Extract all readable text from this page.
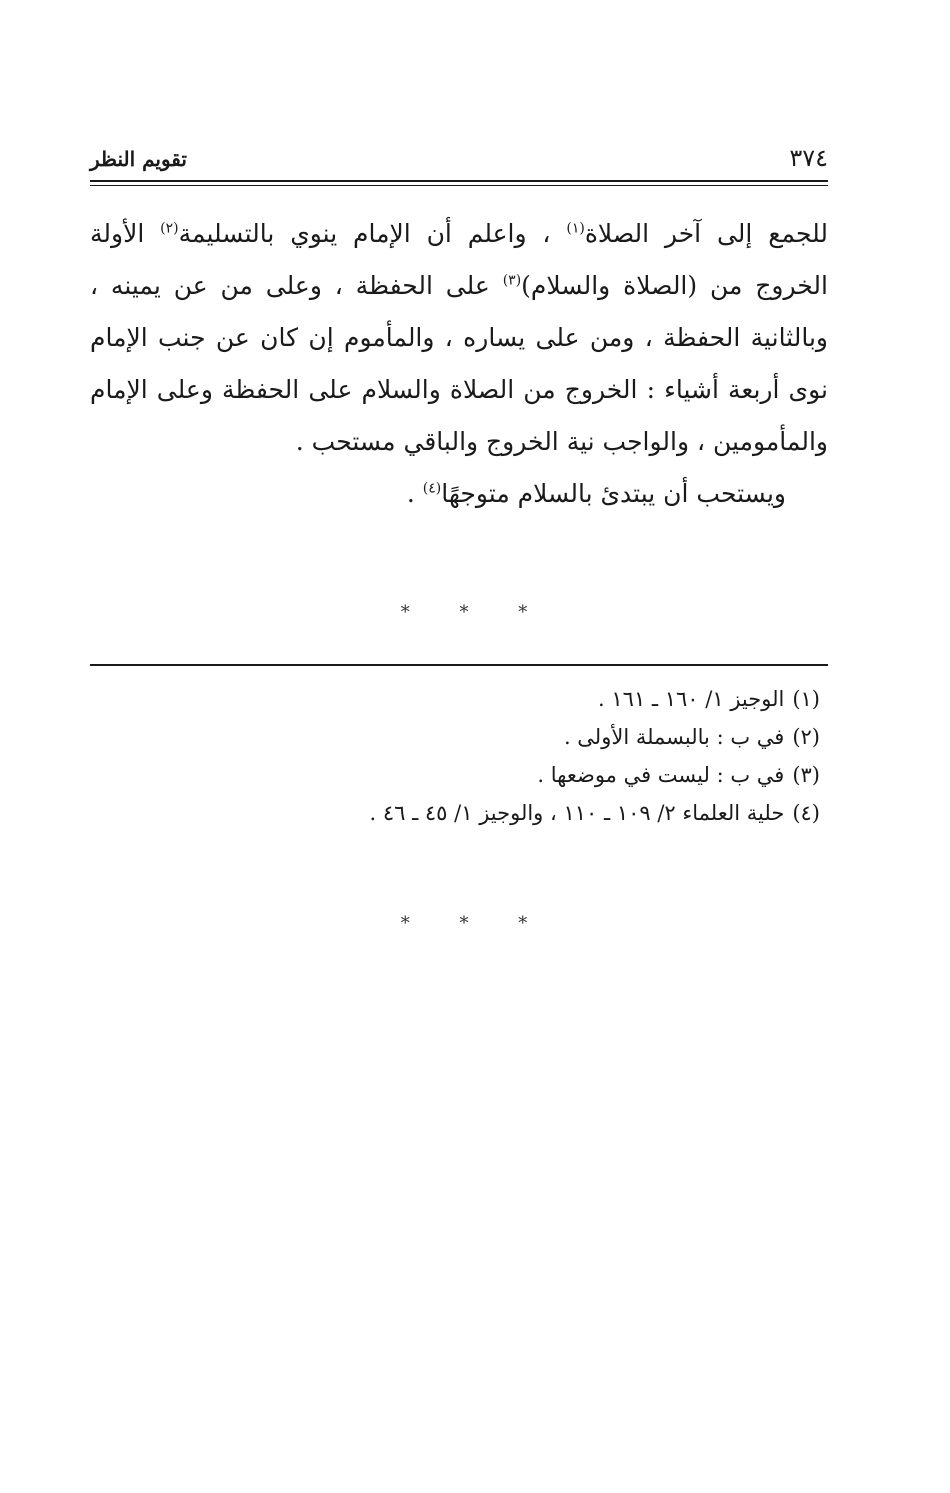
٣٧٤
تقويم النظر

للجمع إلى آخر الصلاة$^{(١)}$ ، واعلم أن الإمام ينوي بالتسليمة$^{(٢)}$ الأولة الخروج من (الصلاة والسلام)$^{(٣)}$ على الحفظة ، وعلى من عن يمينه ، وبالثانية الحفظة ، ومن على يساره ، والمأموم إن كان عن جنب الإمام نوى أربعة أشياء : الخروج من الصلاة والسلام على الحفظة وعلى الإمام والمأمومين ، والواجب نية الخروج والباقي مستحب .

ويستحب أن يبتدئ بالسلام متوجهًا$^{(٤)}$ .

* * *

(١)الوجيز ١/ ١٦٠ ـ ١٦١ .

(٢)في ب : بالبسملة الأولى .

(٣)في ب : ليست في موضعها .

(٤)حلية العلماء ٢/ ١٠٩ ـ ١١٠ ، والوجيز ١/ ٤٥ ـ ٤٦ .

* * *
